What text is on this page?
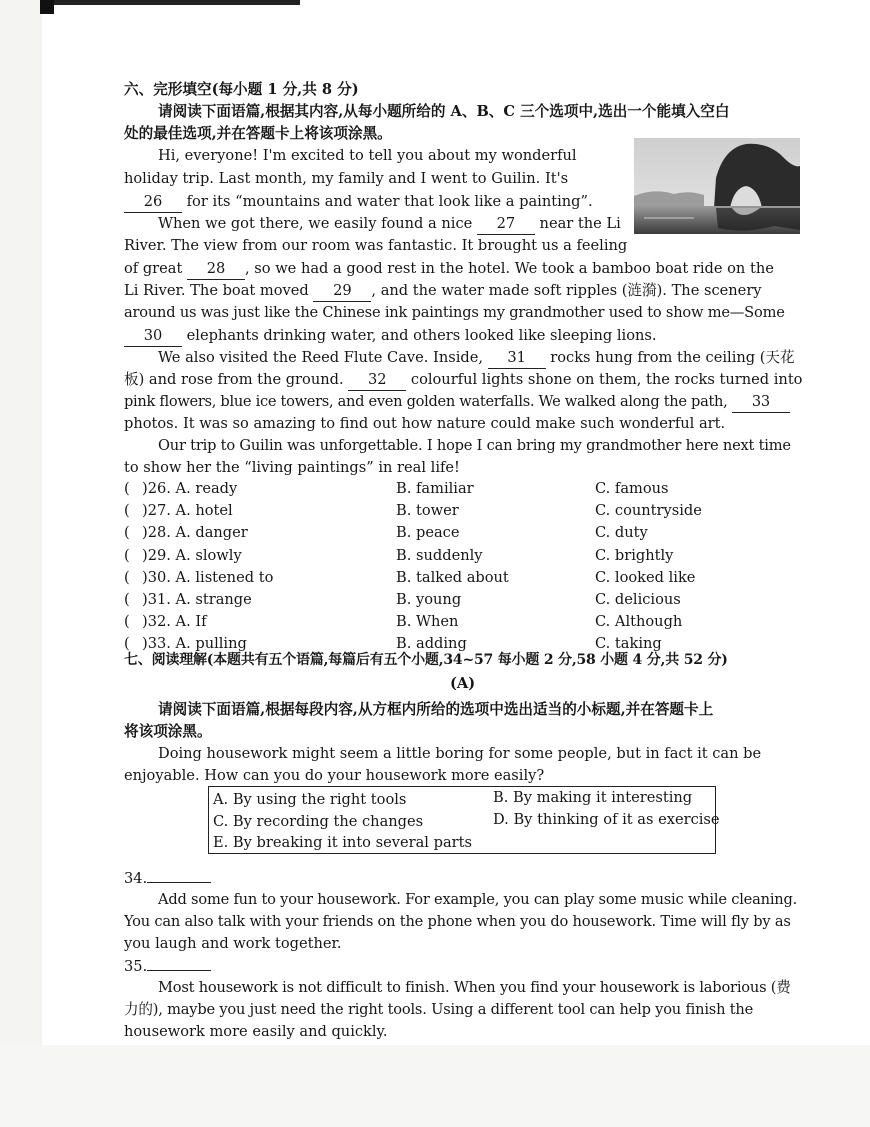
六、完形填空(每小题 1 分,共 8 分)
请阅读下面语篇,根据其内容,从每小题所给的 A、B、C 三个选项中,选出一个能填入空白
处的最佳选项,并在答题卡上将该项涂黑。
Hi, everyone! I'm excited to tell you about my wonderful
holiday trip. Last month, my family and I went to Guilin. It's
26 for its “mountains and water that look like a painting”.
When we got there, we easily found a nice 27 near the Li
River. The view from our room was fantastic. It brought us a feeling
of great 28 , so we had a good rest in the hotel. We took a bamboo boat ride on the
Li River. The boat moved 29 , and the water made soft ripples (涟漪). The scenery
around us was just like the Chinese ink paintings my grandmother used to show me—Some
30 elephants drinking water, and others looked like sleeping lions.
We also visited the Reed Flute Cave. Inside, 31 rocks hung from the ceiling (天花
板) and rose from the ground. 32 colourful lights shone on them, the rocks turned into
pink flowers, blue ice towers, and even golden waterfalls. We walked along the path, 33
photos. It was so amazing to find out how nature could make such wonderful art.
Our trip to Guilin was unforgettable. I hope I can bring my grandmother here next time
to show her the “living paintings” in real life!
( )26. A. ready	B. familiar	C. famous
( )27. A. hotel	B. tower	C. countryside
( )28. A. danger	B. peace	C. duty
( )29. A. slowly	B. suddenly	C. brightly
( )30. A. listened to	B. talked about	C. looked like
( )31. A. strange	B. young	C. delicious
( )32. A. If	B. When	C. Although
( )33. A. pulling	B. adding	C. taking
七、阅读理解(本题共有五个语篇,每篇后有五个小题,34~57 每小题 2 分,58 小题 4 分,共 52 分)
(A)
请阅读下面语篇,根据每段内容,从方框内所给的选项中选出适当的小标题,并在答题卡上
将该项涂黑。
Doing housework might seem a little boring for some people, but in fact it can be
enjoyable. How can you do your housework more easily?
A. By using the right tools	B. By making it interesting
C. By recording the changes	D. By thinking of it as exercise
E. By breaking it into several parts
34.
Add some fun to your housework. For example, you can play some music while cleaning.
You can also talk with your friends on the phone when you do housework. Time will fly by as
you laugh and work together.
35.
Most housework is not difficult to finish. When you find your housework is laborious (费
力的), maybe you just need the right tools. Using a different tool can help you finish the
housework more easily and quickly.
